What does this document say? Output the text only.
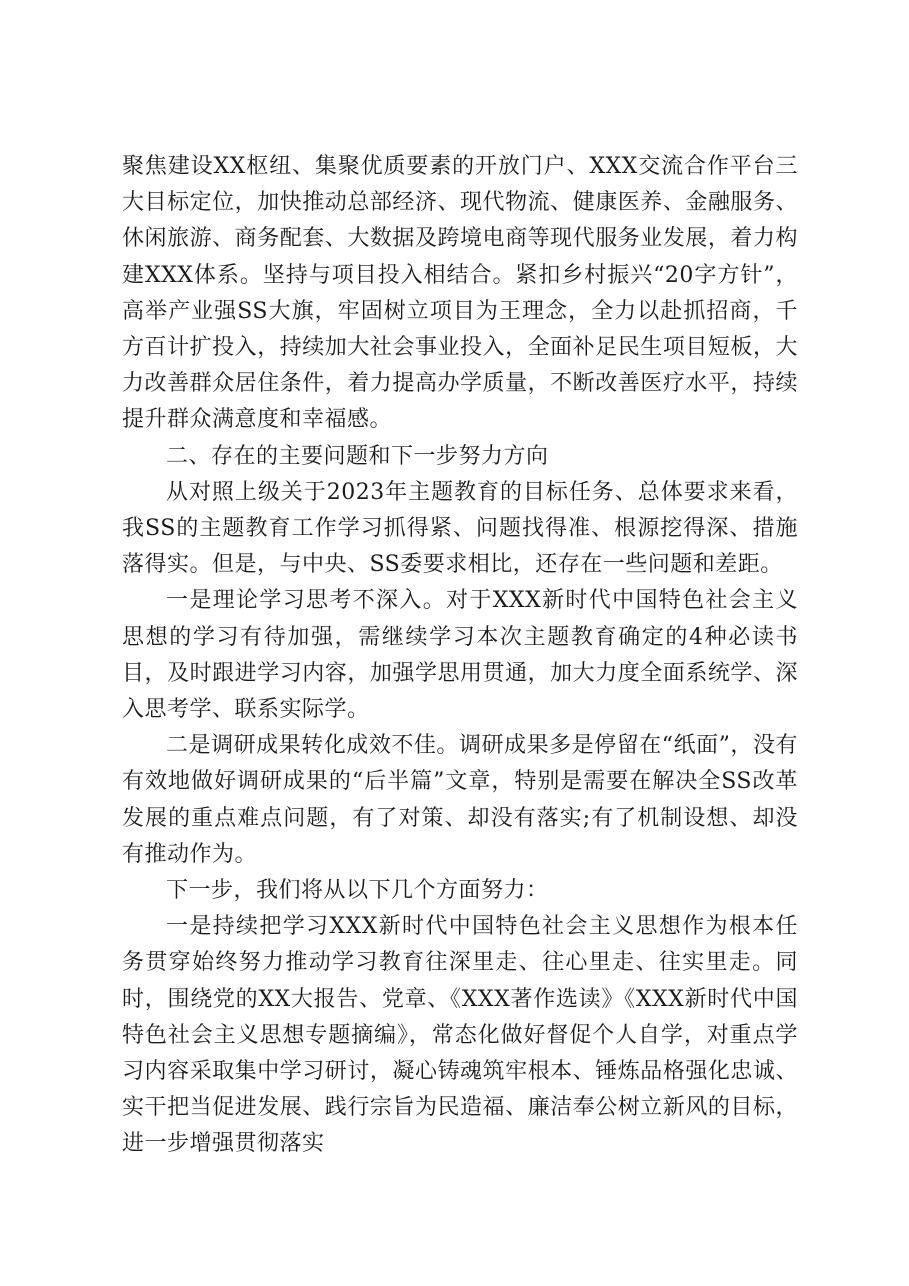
聚焦建设XX枢纽、集聚优质要素的开放门户、XXX交流合作平台三大目标定位，加快推动总部经济、现代物流、健康医养、金融服务、休闲旅游、商务配套、大数据及跨境电商等现代服务业发展，着力构建XXX体系。坚持与项目投入相结合。紧扣乡村振兴“20字方针”，高举产业强SS大旗，牢固树立项目为王理念，全力以赴抓招商，千方百计扩投入，持续加大社会事业投入，全面补足民生项目短板，大力改善群众居住条件，着力提高办学质量，不断改善医疗水平，持续提升群众满意度和幸福感。

二、存在的主要问题和下一步努力方向

从对照上级关于2023年主题教育的目标任务、总体要求来看，我SS的主题教育工作学习抓得紧、问题找得准、根源挖得深、措施落得实。但是，与中央、SS委要求相比，还存在一些问题和差距。

一是理论学习思考不深入。对于XXX新时代中国特色社会主义思想的学习有待加强，需继续学习本次主题教育确定的4种必读书目，及时跟进学习内容，加强学思用贯通，加大力度全面系统学、深入思考学、联系实际学。

二是调研成果转化成效不佳。调研成果多是停留在“纸面”，没有有效地做好调研成果的“后半篇”文章，特别是需要在解决全SS改革发展的重点难点问题，有了对策、却没有落实;有了机制设想、却没有推动作为。

下一步，我们将从以下几个方面努力：

一是持续把学习XXX新时代中国特色社会主义思想作为根本任务贯穿始终努力推动学习教育往深里走、往心里走、往实里走。同时，围绕党的XX大报告、党章、《XXX著作选读》《XXX新时代中国特色社会主义思想专题摘编》，常态化做好督促个人自学，对重点学习内容采取集中学习研讨，凝心铸魂筑牢根本、锤炼品格强化忠诚、实干把当促进发展、践行宗旨为民造福、廉洁奉公树立新风的目标，进一步增强贯彻落实
